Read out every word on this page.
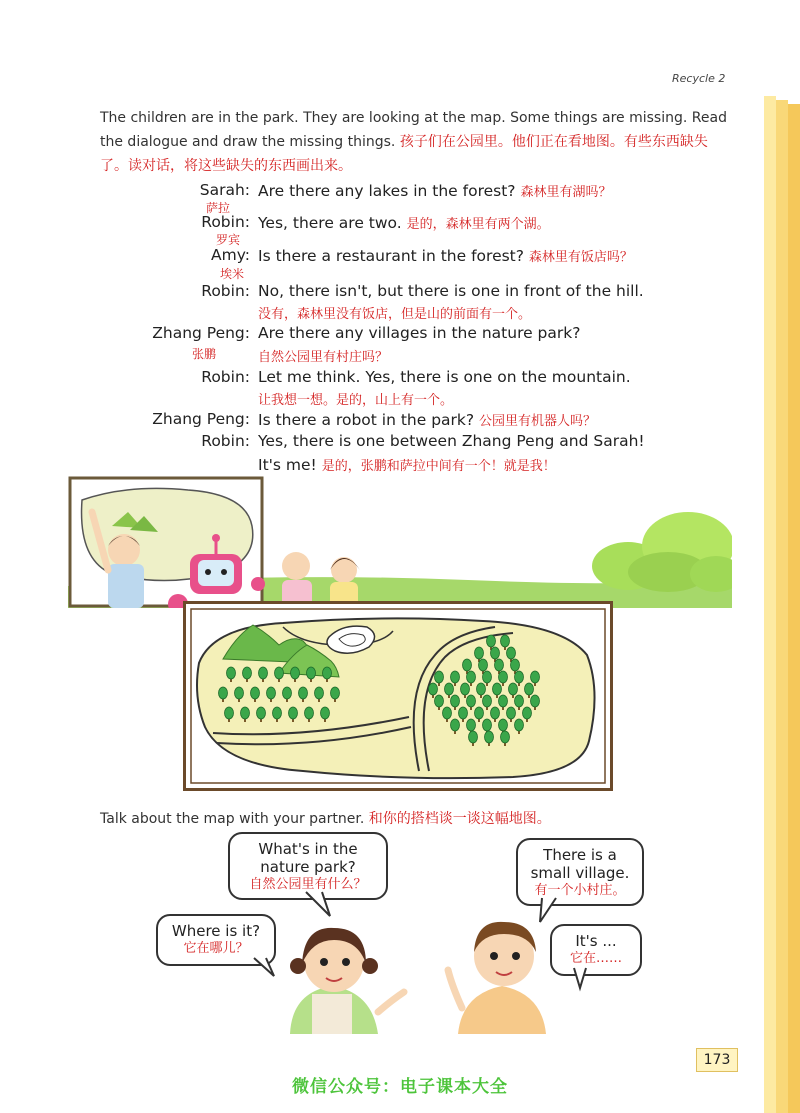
Recycle 2
The children are in the park. They are looking at the map. Some things are missing. Read the dialogue and draw the missing things. 孩子们在公园里。他们正在看地图。有些东西缺失了。读对话，将这些缺失的东西画出来。
Sarah: Are there any lakes in the forest? 森林里有湖吗？
萨拉
Robin: Yes, there are two. 是的，森林里有两个湖。
罗宾
Amy: Is there a restaurant in the forest? 森林里有饭店吗？
埃米
Robin: No, there isn't, but there is one in front of the hill.
没有，森林里没有饭店，但是山的前面有一个。
Zhang Peng: Are there any villages in the nature park?
张鹏	自然公园里有村庄吗？
Robin: Let me think. Yes, there is one on the mountain.
让我想一想。是的，山上有一个。
Zhang Peng: Is there a robot in the park? 公园里有机器人吗？
Robin: Yes, there is one between Zhang Peng and Sarah!
It's me! 是的，张鹏和萨拉中间有一个！就是我！
Talk about the map with your partner. 和你的搭档谈一谈这幅地图。
What's in the
nature park?
自然公园里有什么？
There is a
small village.
有一个小村庄。
Where is it?
它在哪儿？	It's ...
它在……
173
微信公众号：电子课本大全
